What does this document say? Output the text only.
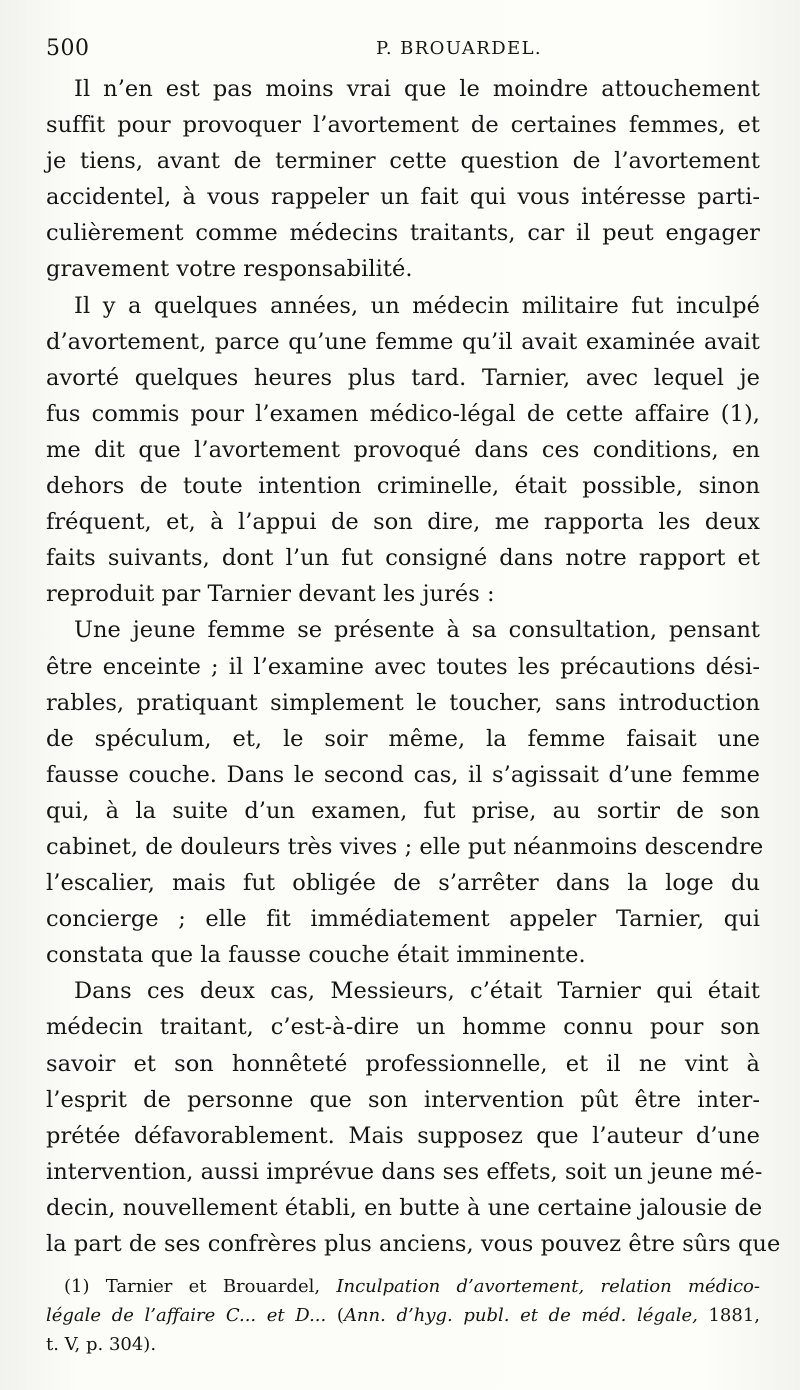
500	P. BROUARDEL.
Il n’en est pas moins vrai que le moindre attouchement
suffit pour provoquer l’avortement de certaines femmes, et
je tiens, avant de terminer cette question de l’avortement
accidentel, à vous rappeler un fait qui vous intéresse parti-
culièrement comme médecins traitants, car il peut engager
gravement votre responsabilité.
Il y a quelques années, un médecin militaire fut inculpé
d’avortement, parce qu’une femme qu’il avait examinée avait
avorté quelques heures plus tard. Tarnier, avec lequel je
fus commis pour l’examen médico-légal de cette affaire (1),
me dit que l’avortement provoqué dans ces conditions, en
dehors de toute intention criminelle, était possible, sinon
fréquent, et, à l’appui de son dire, me rapporta les deux
faits suivants, dont l’un fut consigné dans notre rapport et
reproduit par Tarnier devant les jurés :
Une jeune femme se présente à sa consultation, pensant
être enceinte ; il l’examine avec toutes les précautions dési-
rables, pratiquant simplement le toucher, sans introduction
de spéculum, et, le soir même, la femme faisait une
fausse couche. Dans le second cas, il s’agissait d’une femme
qui, à la suite d’un examen, fut prise, au sortir de son
cabinet, de douleurs très vives ; elle put néanmoins descendre
l’escalier, mais fut obligée de s’arrêter dans la loge du
concierge ; elle fit immédiatement appeler Tarnier, qui
constata que la fausse couche était imminente.
Dans ces deux cas, Messieurs, c’était Tarnier qui était
médecin traitant, c’est-à-dire un homme connu pour son
savoir et son honnêteté professionnelle, et il ne vint à
l’esprit de personne que son intervention pût être inter-
prétée défavorablement. Mais supposez que l’auteur d’une
intervention, aussi imprévue dans ses effets, soit un jeune mé-
decin, nouvellement établi, en butte à une certaine jalousie de
la part de ses confrères plus anciens, vous pouvez être sûrs que
(1) Tarnier et Brouardel, Inculpation d’avortement, relation médico-
légale de l’affaire C... et D... (Ann. d’hyg. publ. et de méd. légale, 1881,
t. V, p. 304).
